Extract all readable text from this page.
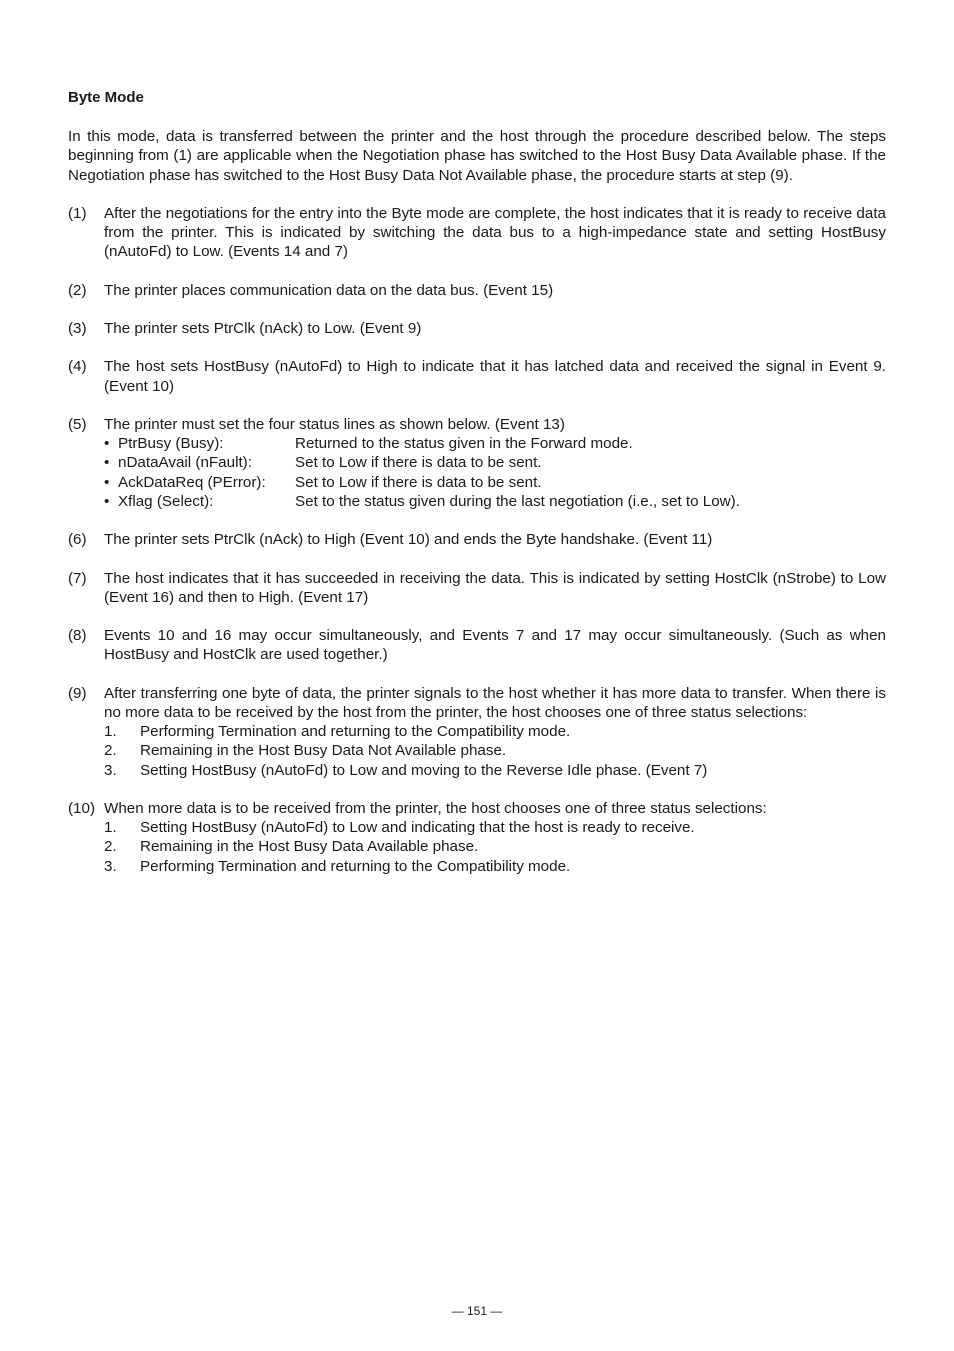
Byte Mode

In this mode, data is transferred between the printer and the host through the procedure described below. The steps beginning from (1) are applicable when the Negotiation phase has switched to the Host Busy Data Available phase. If the Negotiation phase has switched to the Host Busy Data Not Available phase, the procedure starts at step (9).

(1)	After the negotiations for the entry into the Byte mode are complete, the host indicates that it is ready to receive data from the printer. This is indicated by switching the data bus to a high-impedance state and setting HostBusy (nAutoFd) to Low. (Events 14 and 7)
(2)	The printer places communication data on the data bus. (Event 15)
(3)	The printer sets PtrClk (nAck) to Low. (Event 9)
(4)	The host sets HostBusy (nAutoFd) to High to indicate that it has latched data and received the signal in Event 9. (Event 10)
(5)	The printer must set the four status lines as shown below. (Event 13)
• PtrBusy (Busy):	Returned to the status given in the Forward mode.
• nDataAvail (nFault):	Set to Low if there is data to be sent.
• AckDataReq (PError):	Set to Low if there is data to be sent.
• Xflag (Select):	Set to the status given during the last negotiation (i.e., set to Low).
(6)	The printer sets PtrClk (nAck) to High (Event 10) and ends the Byte handshake. (Event 11)
(7)	The host indicates that it has succeeded in receiving the data. This is indicated by setting HostClk (nStrobe) to Low (Event 16) and then to High. (Event 17)
(8)	Events 10 and 16 may occur simultaneously, and Events 7 and 17 may occur simultaneously. (Such as when HostBusy and HostClk are used together.)
(9)	After transferring one byte of data, the printer signals to the host whether it has more data to transfer. When there is no more data to be received by the host from the printer, the host chooses one of three status selections:
1.	Performing Termination and returning to the Compatibility mode.
2.	Remaining in the Host Busy Data Not Available phase.
3.	Setting HostBusy (nAutoFd) to Low and moving to the Reverse Idle phase. (Event 7)
(10) When more data is to be received from the printer, the host chooses one of three status selections:
1.	Setting HostBusy (nAutoFd) to Low and indicating that the host is ready to receive.
2.	Remaining in the Host Busy Data Available phase.
3.	Performing Termination and returning to the Compatibility mode.
— 151 —
